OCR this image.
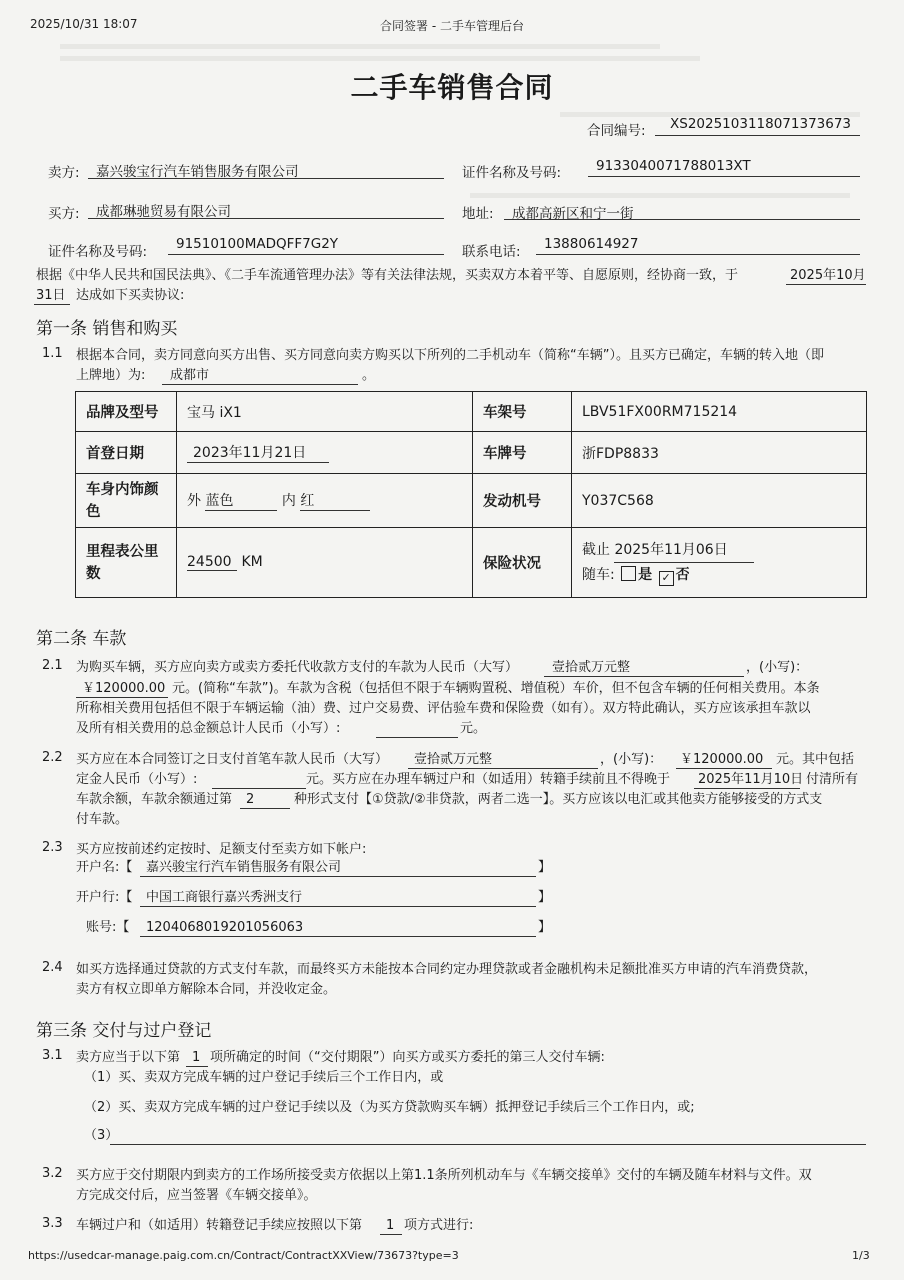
2025/10/31 18:07	合同签署 - 二手车管理后台
https://usedcar-manage.paig.com.cn/Contract/ContractXXView/73673?type=3	1/3
二手车销售合同
合同编号: XS2025103118071373673
卖方: 嘉兴骏宝行汽车销售服务有限公司	证件名称及号码:	9133040071788013XT
买方: 成都琳驰贸易有限公司	地址: 成都高新区和宁一街
证件名称及号码: 91510100MADQFF7G2Y	联系电话: 13880614927
根据《中华人民共和国民法典》、《二手车流通管理办法》等有关法律法规，买卖双方本着平等、自愿原则，经协商一致，于	2025年10月
31日 达成如下买卖协议:
第一条 销售和购买
1.1 根据本合同，卖方同意向买方出售、买方同意向卖方购买以下所列的二手机动车（简称“车辆”）。且买方已确定，车辆的转入地（即
上牌地）为: 成都市	。
品牌及型号	宝马 iX1	车架号	LBV51FX00RM715214
首登日期	2023年11月21日	车牌号	浙FDP8833
车身内饰颜
色	外 蓝色 内 红	发动机号	Y037C568
里程表公里
数	24500 KM	保险状况	截止 2025年11月06日
随车: 是 ✓ 否
第二条 车款
2.1 为购买车辆，买方应向卖方或卖方委托代收款方支付的车款为人民币（大写）	壹拾贰万元整	，(小写)：
￥120000.00 元。(简称“车款”)。车款为含税（包括但不限于车辆购置税、增值税）车价，但不包含车辆的任何相关费用。本条
所称相关费用包括但不限于车辆运输（油）费、过户交易费、评估验车费和保险费（如有）。双方特此确认，买方应该承担车款以
及所有相关费用的总金额总计人民币（小写）:	元。
2.2 买方应在本合同签订之日支付首笔车款人民币（大写） 壹拾贰万元整	，(小写)： ￥120000.00 元。其中包括
定金人民币（小写）:	元。买方应在办理车辆过户和（如适用）转籍手续前且不得晚于 2025年11月10日 付清所有
车款余额，车款余额通过第 2	种形式支付【①贷款/②非贷款，两者二选一】。买方应该以电汇或其他卖方能够接受的方式支
付车款。
2.3 买方应按前述约定按时、足额支付至卖方如下帐户:
开户名:【 嘉兴骏宝行汽车销售服务有限公司	】
开户行:【 中国工商银行嘉兴秀洲支行	】
账号:【 1204068019201056063	】
2.4 如买方选择通过贷款的方式支付车款，而最终买方未能按本合同约定办理贷款或者金融机构未足额批准买方申请的汽车消费贷款，
卖方有权立即单方解除本合同，并没收定金。
第三条 交付与过户登记
3.1 卖方应当于以下第 1 项所确定的时间（“交付期限”）向买方或买方委托的第三人交付车辆:
（1）买、卖双方完成车辆的过户登记手续后三个工作日内，或
（2）买、卖双方完成车辆的过户登记手续以及（为买方贷款购买车辆）抵押登记手续后三个工作日内，或;
（3）
3.2 买方应于交付期限内到卖方的工作场所接受卖方依据以上第1.1条所列机动车与《车辆交接单》交付的车辆及随车材料与文件。双
方完成交付后，应当签署《车辆交接单》。
3.3 车辆过户和（如适用）转籍登记手续应按照以下第 1 项方式进行:
